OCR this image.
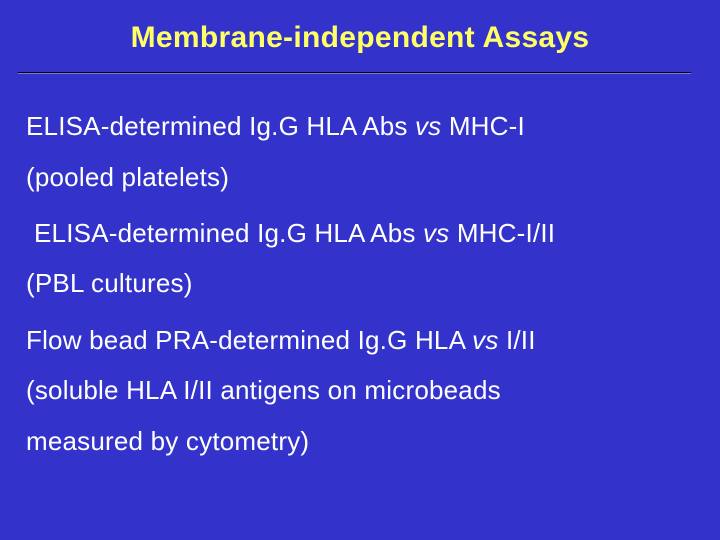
Membrane-independent Assays
ELISA-determined Ig.G HLA Abs vs MHC-I
(pooled platelets)
ELISA-determined Ig.G HLA Abs vs MHC-I/II
(PBL cultures)
Flow bead PRA-determined Ig.G HLA vs I/II
(soluble HLA I/II antigens on microbeads
measured by cytometry)
